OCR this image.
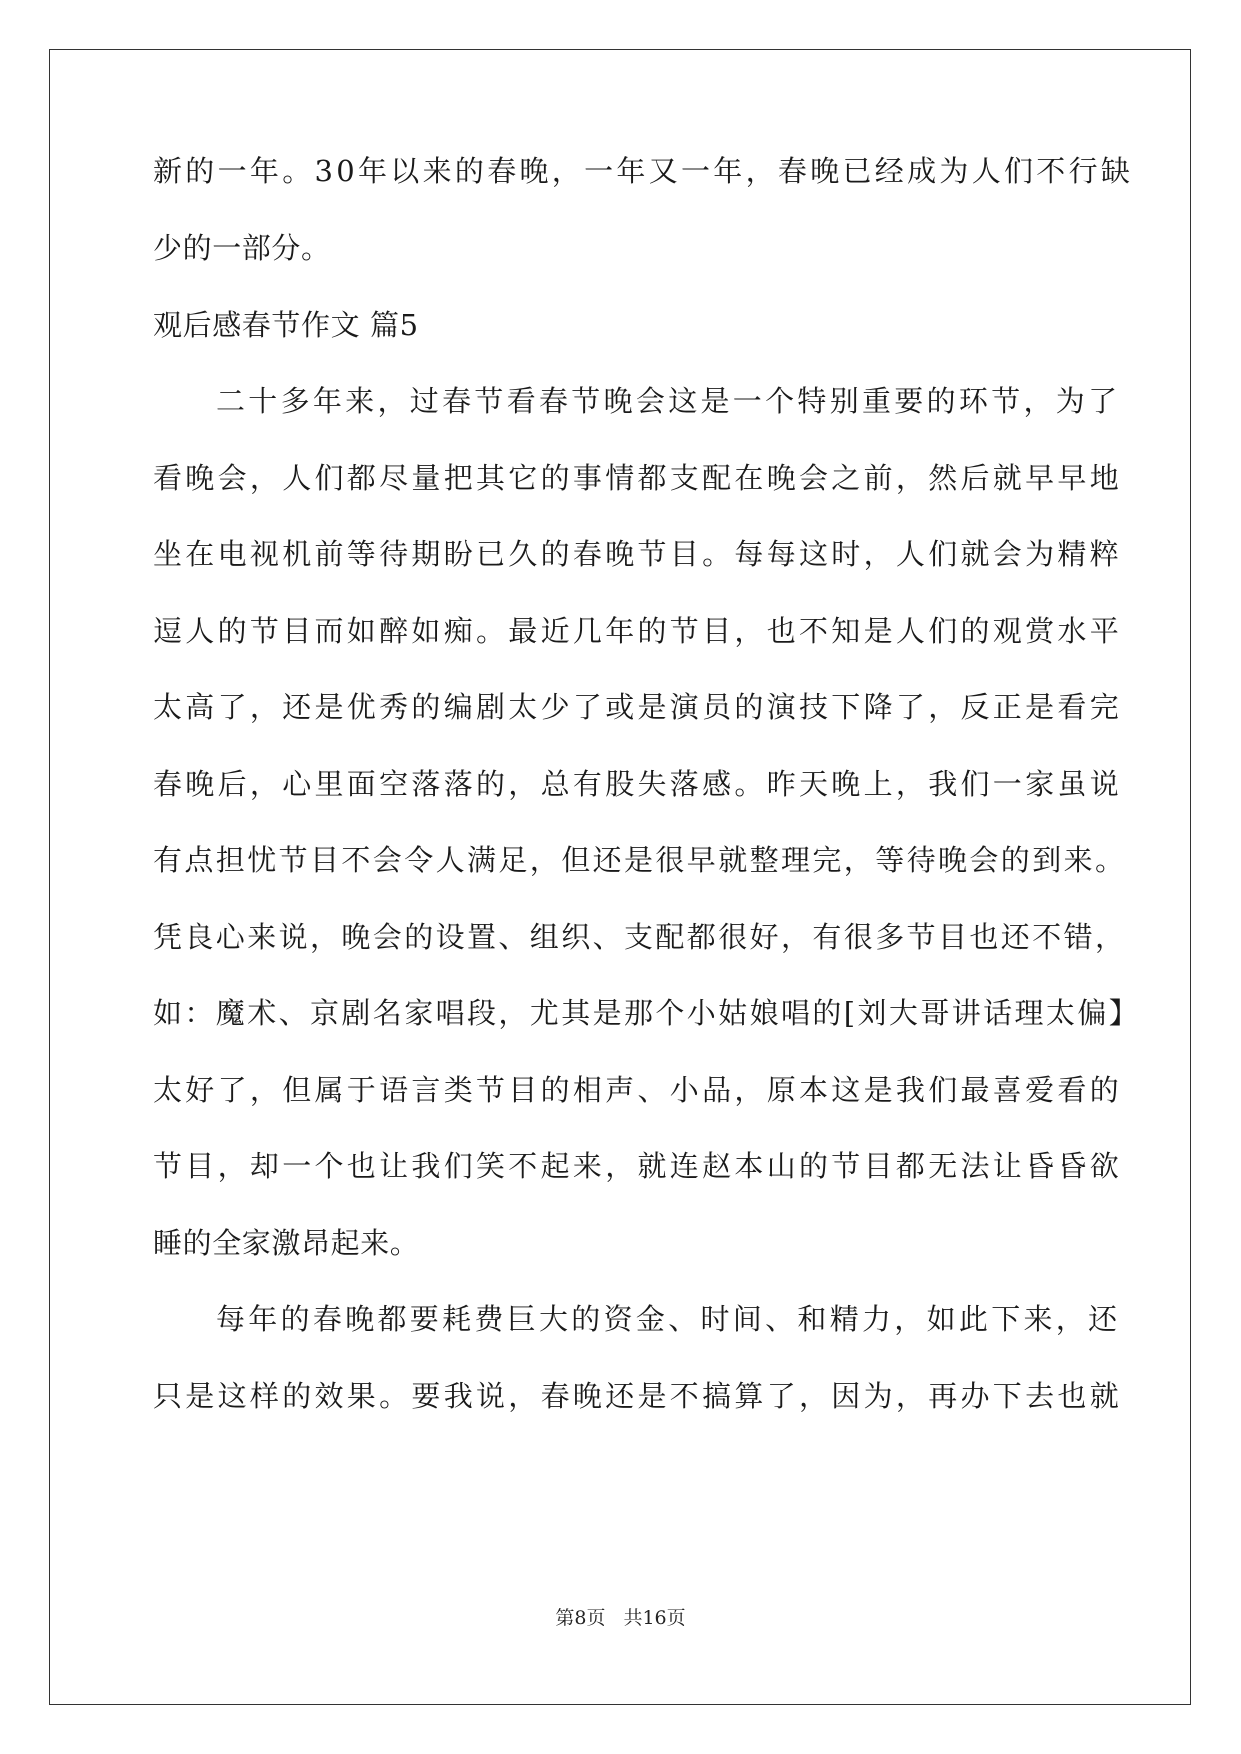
新的一年。30年以来的春晚，一年又一年，春晚已经成为人们不行缺
少的一部分。
观后感春节作文 篇5
二十多年来，过春节看春节晚会这是一个特别重要的环节，为了
看晚会，人们都尽量把其它的事情都支配在晚会之前，然后就早早地
坐在电视机前等待期盼已久的春晚节目。每每这时，人们就会为精粹
逗人的节目而如醉如痴。最近几年的节目，也不知是人们的观赏水平
太高了，还是优秀的编剧太少了或是演员的演技下降了，反正是看完
春晚后，心里面空落落的，总有股失落感。昨天晚上，我们一家虽说
有点担忧节目不会令人满足，但还是很早就整理完，等待晚会的到来。
凭良心来说，晚会的设置、组织、支配都很好，有很多节目也还不错，
如：魔术、京剧名家唱段，尤其是那个小姑娘唱的[刘大哥讲话理太偏】
太好了，但属于语言类节目的相声、小品，原本这是我们最喜爱看的
节目，却一个也让我们笑不起来，就连赵本山的节目都无法让昏昏欲
睡的全家激昂起来。
每年的春晚都要耗费巨大的资金、时间、和精力，如此下来，还
只是这样的效果。要我说，春晚还是不搞算了，因为，再办下去也就
第8页 共16页
